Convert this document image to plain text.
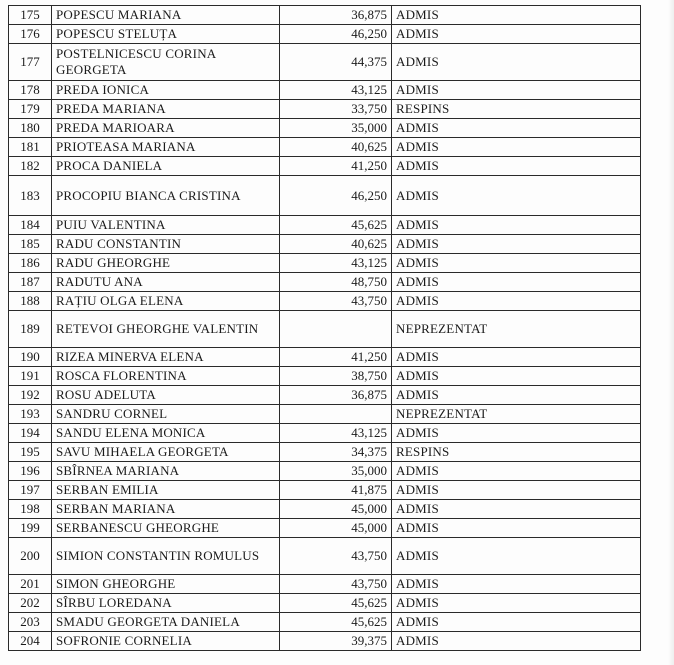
175	POPESCU MARIANA	36,875	ADMIS
176	POPESCU STELUȚA	46,250	ADMIS
177	POSTELNICESCU CORINA GEORGETA	44,375	ADMIS
178	PREDA IONICA	43,125	ADMIS
179	PREDA MARIANA	33,750	RESPINS
180	PREDA MARIOARA	35,000	ADMIS
181	PRIOTEASA MARIANA	40,625	ADMIS
182	PROCA DANIELA	41,250	ADMIS
183	PROCOPIU BIANCA CRISTINA	46,250	ADMIS
184	PUIU VALENTINA	45,625	ADMIS
185	RADU CONSTANTIN	40,625	ADMIS
186	RADU GHEORGHE	43,125	ADMIS
187	RADUTU ANA	48,750	ADMIS
188	RAȚIU OLGA ELENA	43,750	ADMIS
189	RETEVOI GHEORGHE VALENTIN		NEPREZENTAT
190	RIZEA MINERVA ELENA	41,250	ADMIS
191	ROSCA FLORENTINA	38,750	ADMIS
192	ROSU ADELUTA	36,875	ADMIS
193	SANDRU CORNEL		NEPREZENTAT
194	SANDU ELENA MONICA	43,125	ADMIS
195	SAVU MIHAELA GEORGETA	34,375	RESPINS
196	SBÎRNEA MARIANA	35,000	ADMIS
197	SERBAN EMILIA	41,875	ADMIS
198	SERBAN MARIANA	45,000	ADMIS
199	SERBANESCU GHEORGHE	45,000	ADMIS
200	SIMION CONSTANTIN ROMULUS	43,750	ADMIS
201	SIMON GHEORGHE	43,750	ADMIS
202	SÎRBU LOREDANA	45,625	ADMIS
203	SMADU GEORGETA DANIELA	45,625	ADMIS
204	SOFRONIE CORNELIA	39,375	ADMIS
